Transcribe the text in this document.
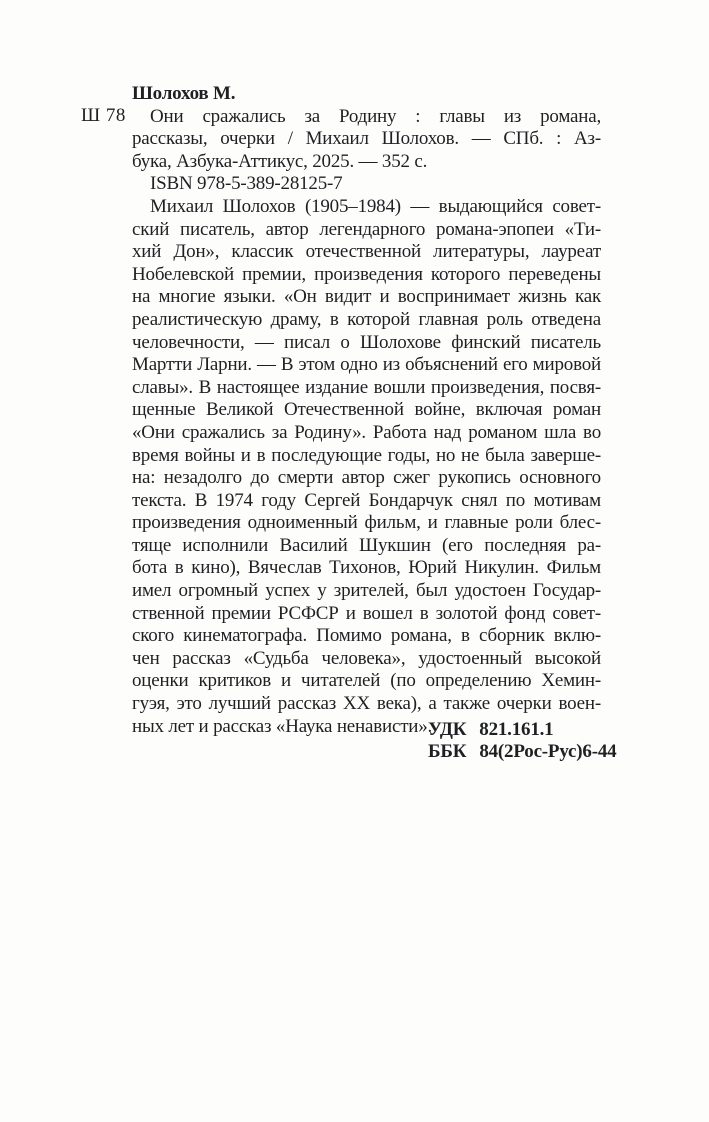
Ш 78
Шолохов М.
Они сражались за Родину : главы из романа,
рассказы, очерки / Михаил Шолохов. — СПб. : Аз-
бука, Азбука-Аттикус, 2025. — 352 с.
ISBN 978-5-389-28125-7
Михаил Шолохов (1905–1984) — выдающийся совет-
ский писатель, автор легендарного романа-эпопеи «Ти-
хий Дон», классик отечественной литературы, лауреат
Нобелевской премии, произведения которого переведены
на многие языки. «Он видит и воспринимает жизнь как
реалистическую драму, в которой главная роль отведена
человечности, — писал о Шолохове финский писатель
Мартти Ларни. — В этом одно из объяснений его мировой
славы». В настоящее издание вошли произведения, посвя-
щенные Великой Отечественной войне, включая роман
«Они сражались за Родину». Работа над романом шла во
время войны и в последующие годы, но не была заверше-
на: незадолго до смерти автор сжег рукопись основного
текста. В 1974 году Сергей Бондарчук снял по мотивам
произведения одноименный фильм, и главные роли блес-
тяще исполнили Василий Шукшин (его последняя ра-
бота в кино), Вячеслав Тихонов, Юрий Никулин. Фильм
имел огромный успех у зрителей, был удостоен Государ-
ственной премии РСФСР и вошел в золотой фонд совет-
ского кинематографа. Помимо романа, в сборник вклю-
чен рассказ «Судьба человека», удостоенный высокой
оценки критиков и читателей (по определению Хемин-
гуэя, это лучший рассказ XX века), а также очерки воен-
ных лет и рассказ «Наука ненависти».
УДК 821.161.1
ББК 84(2Рос-Рус)6-44
